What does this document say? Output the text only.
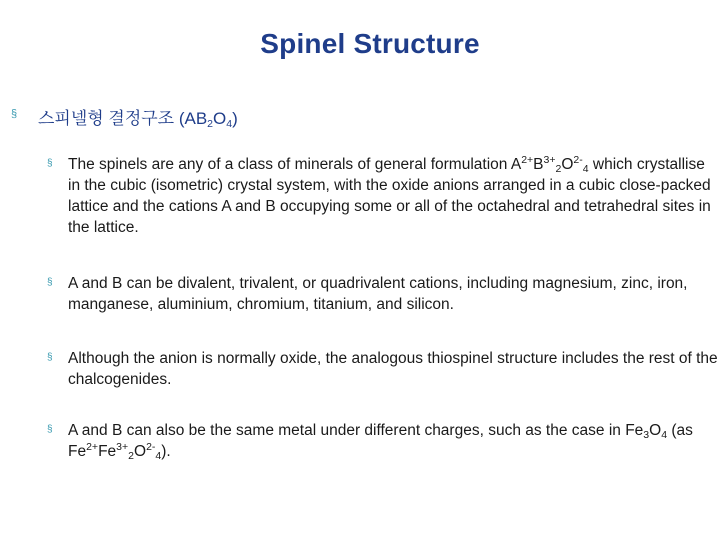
Spinel Structure
§ 스피넬형 결정구조 $(AB_2O_4)$
§ The spinels are any of a class of minerals of general formulation $A^{2+}B^{3+}_2O^{2-}_4$ which crystallise in the cubic (isometric) crystal system, with the oxide anions arranged in a cubic close-packed lattice and the cations A and B occupying some or all of the octahedral and tetrahedral sites in the lattice.
§ A and B can be divalent, trivalent, or quadrivalent cations, including magnesium, zinc, iron, manganese, aluminium, chromium, titanium, and silicon.
§ Although the anion is normally oxide, the analogous thiospinel structure includes the rest of the chalcogenides.
§ A and B can also be the same metal under different charges, such as the case in $Fe_3O_4$ (as $Fe^{2+}Fe^{3+}_2O^{2-}_4$).
